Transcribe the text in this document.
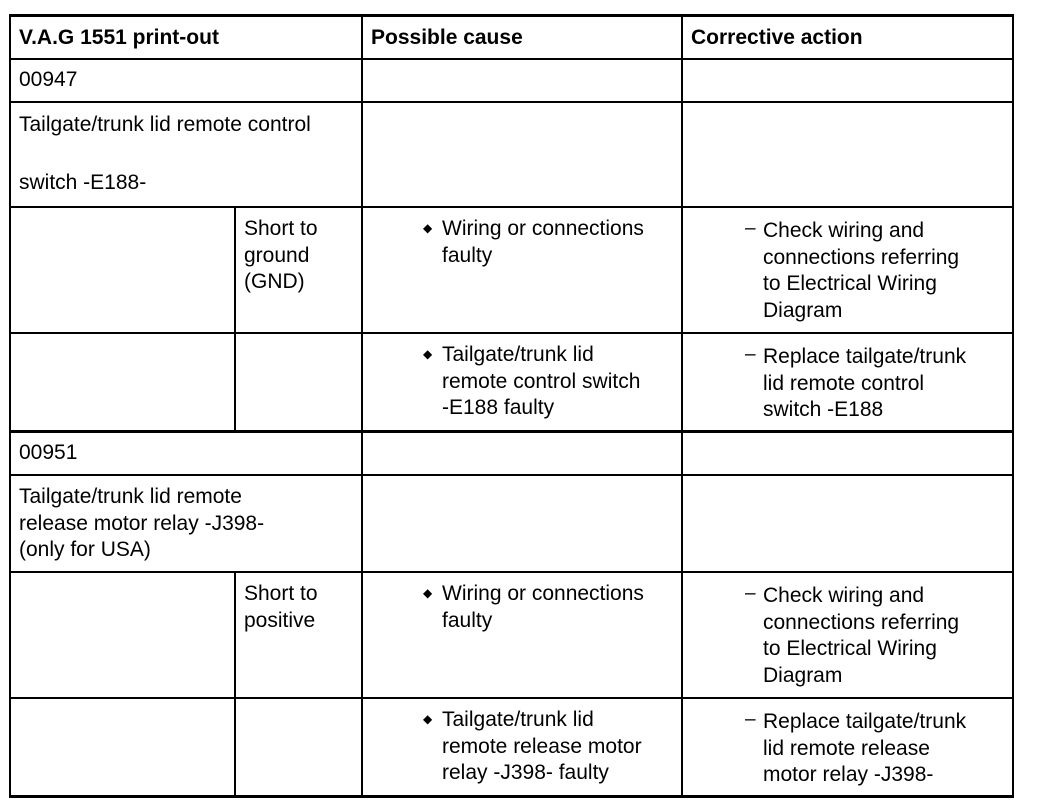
V.A.G 1551 print-out	Possible cause	Corrective action
00947
Tailgate/trunk lid remote control
switch -E188-
Short to
ground
(GND)
◆ Wiring or connections
faulty
– Check wiring and
connections referring
to Electrical Wiring
Diagram
◆ Tailgate/trunk lid
remote control switch
-E188 faulty
– Replace tailgate/trunk
lid remote control
switch -E188
00951
Tailgate/trunk lid remote
release motor relay -J398-
(only for USA)
Short to
positive
◆ Wiring or connections
faulty
– Check wiring and
connections referring
to Electrical Wiring
Diagram
◆ Tailgate/trunk lid
remote release motor
relay -J398- faulty
– Replace tailgate/trunk
lid remote release
motor relay -J398-
